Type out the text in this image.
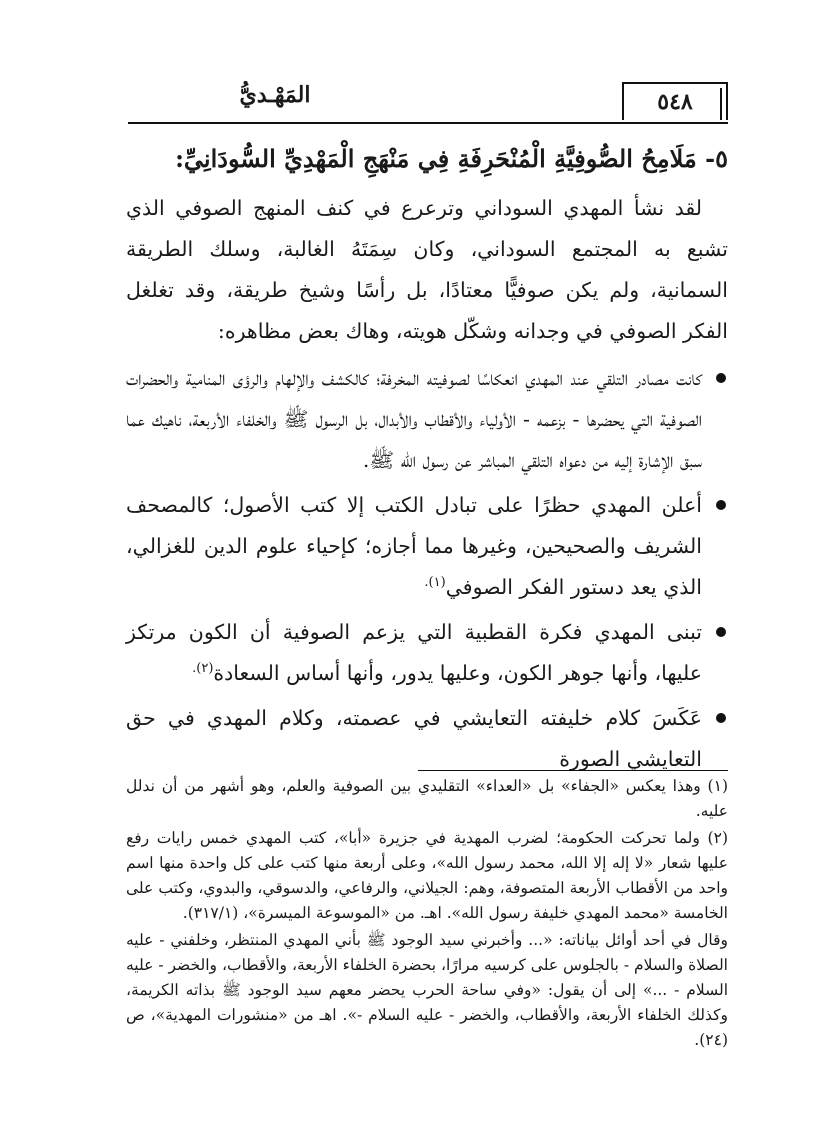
٥٤٨
المَهْـديُّ
٥- مَلَامِحُ الصُّوفِيَّةِ الْمُنْحَرِفَةِ فِي مَنْهَجِ الْمَهْدِيِّ السُّودَانِيِّ:

لقد نشأ المهدي السوداني وترعرع في كنف المنهج الصوفي الذي تشبع به المجتمع السوداني، وكان سِمَتَهُ الغالبة، وسلك الطريقة السمانية، ولم يكن صوفيًّا معتادًا، بل رأسًا وشيخ طريقة، وقد تغلغل الفكر الصوفي في وجدانه وشكّل هويته، وهاك بعض مظاهره:

كانت مصادر التلقي عند المهدي انعكاسًا لصوفيته المخرفة؛ كالكشف والإلهام والرؤى المنامية والحضرات الصوفية التي يحضرها - بزعمه - الأولياء والأقطاب والأبدال، بل الرسول ﷺ والخلفاء الأربعة، ناهيك عما سبق الإشارة إليه من دعواه التلقي المباشر عن رسول الله ﷺ.
أعلن المهدي حظرًا على تبادل الكتب إلا كتب الأصول؛ كالمصحف الشريف والصحيحين، وغيرها مما أجازه؛ كإحياء علوم الدين للغزالي، الذي يعد دستور الفكر الصوفي$^{(١).}$
تبنى المهدي فكرة القطبية التي يزعم الصوفية أن الكون مرتكز عليها، وأنها جوهر الكون، وعليها يدور، وأنها أساس السعادة$^{(٢).}$
عَكَسَ كلام خليفته التعايشي في عصمته، وكلام المهدي في حق التعايشي الصورة

(١) وهذا يعكس «الجفاء» بل «العداء» التقليدي بين الصوفية والعلم، وهو أشهر من أن ندلل عليه.

(٢) ولما تحركت الحكومة؛ لضرب المهدية في جزيرة «أبا»، كتب المهدي خمس رايات رفع عليها شعار «لا إله إلا الله، محمد رسول الله»، وعلى أربعة منها كتب على كل واحدة منها اسم واحد من الأقطاب الأربعة المتصوفة، وهم: الجيلاني، والرفاعي، والدسوقي، والبدوي، وكتب على الخامسة «محمد المهدي خليفة رسول الله». اهـ. من «الموسوعة الميسرة»، (٣١٧/١).

وقال في أحد أوائل بياناته: «... وأخبرني سيد الوجود ﷺ بأني المهدي المنتظر، وخلفني - عليه الصلاة والسلام - بالجلوس على كرسيه مرارًا، بحضرة الخلفاء الأربعة، والأقطاب، والخضر - عليه السلام - ...» إلى أن يقول: «وفي ساحة الحرب يحضر معهم سيد الوجود ﷺ بذاته الكريمة، وكذلك الخلفاء الأربعة، والأقطاب، والخضر - عليه السلام -». اهـ من «منشورات المهدية»، ص (٢٤).
